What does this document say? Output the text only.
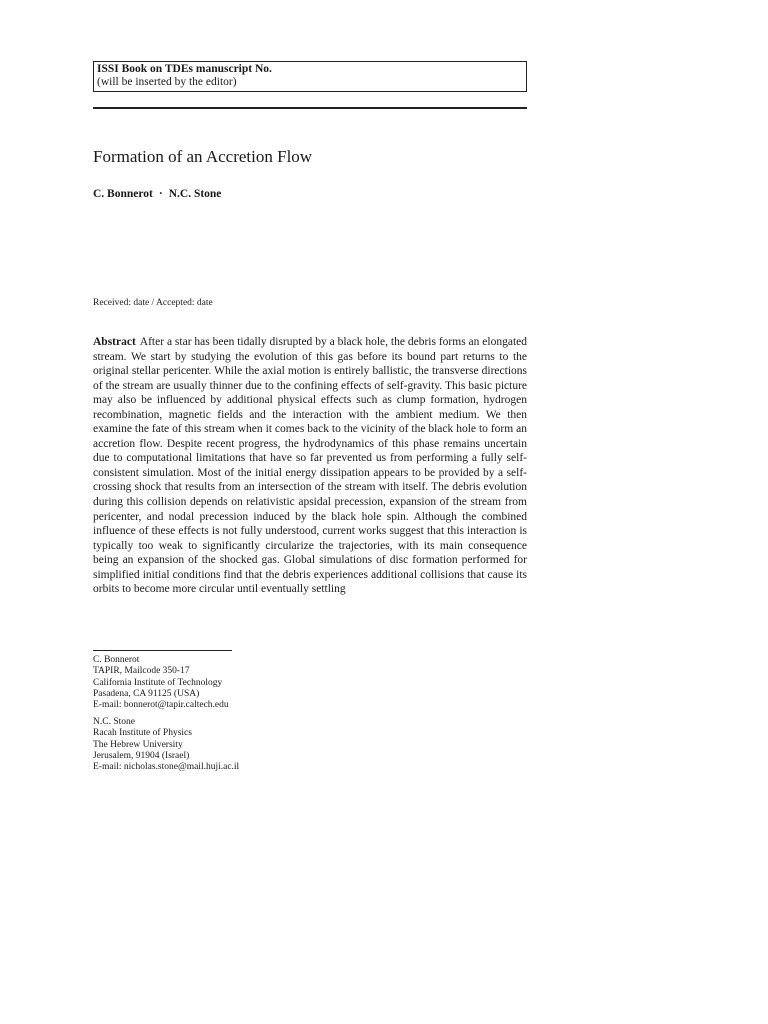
ISSI Book on TDEs manuscript No.
(will be inserted by the editor)
Formation of an Accretion Flow
C. Bonnerot · N.C. Stone
Received: date / Accepted: date
Abstract After a star has been tidally disrupted by a black hole, the debris forms an elongated stream. We start by studying the evolution of this gas before its bound part returns to the original stellar pericenter. While the axial motion is entirely ballistic, the transverse directions of the stream are usually thinner due to the confining effects of self-gravity. This basic picture may also be influenced by additional physical effects such as clump formation, hydrogen recombination, magnetic fields and the interaction with the ambient medium. We then examine the fate of this stream when it comes back to the vicinity of the black hole to form an accretion flow. Despite recent progress, the hydrodynamics of this phase remains uncertain due to computational limitations that have so far prevented us from performing a fully self-consistent simulation. Most of the initial energy dissipation appears to be provided by a self-crossing shock that results from an intersection of the stream with itself. The debris evolution during this collision depends on relativistic apsidal precession, expansion of the stream from pericenter, and nodal precession induced by the black hole spin. Although the combined influence of these effects is not fully understood, current works suggest that this interaction is typically too weak to significantly circularize the trajectories, with its main consequence being an expansion of the shocked gas. Global simulations of disc formation performed for simplified initial conditions find that the debris experiences additional collisions that cause its orbits to become more circular until eventually settling
C. Bonnerot
TAPIR, Mailcode 350-17
California Institute of Technology
Pasadena, CA 91125 (USA)
E-mail: bonnerot@tapir.caltech.edu
N.C. Stone
Racah Institute of Physics
The Hebrew University
Jerusalem, 91904 (Israel)
E-mail: nicholas.stone@mail.huji.ac.il
